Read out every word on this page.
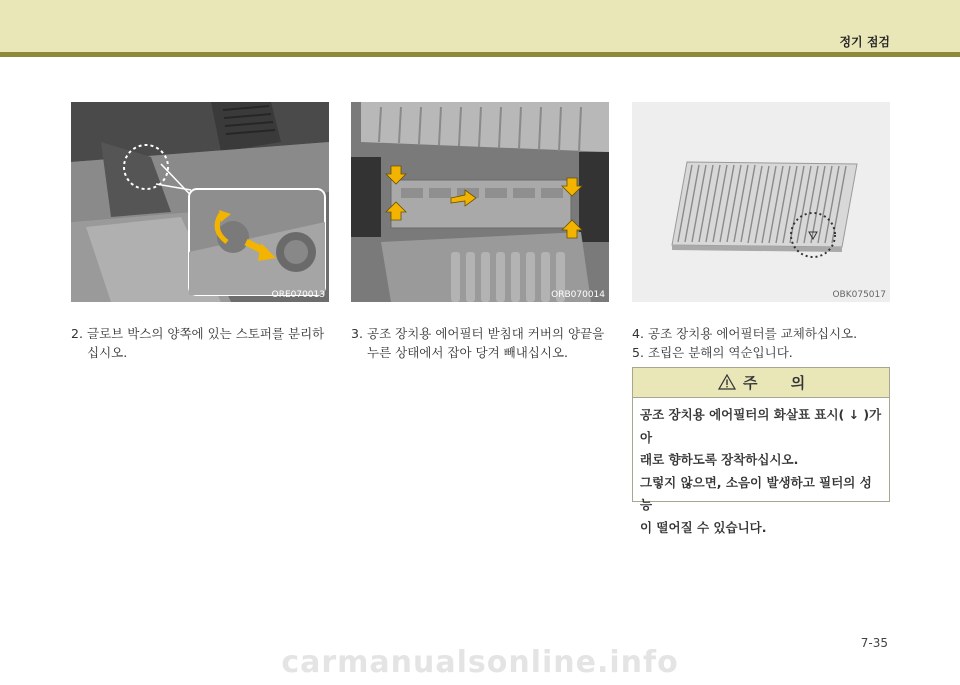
정기 점검
ORE070013	ORB070014	OBK075017
2. 글로브 박스의 양쪽에 있는 스토퍼를 분리하
십시오.
3. 공조 장치용 에어필터 받침대 커버의 양끝을
누른 상태에서 잡아 당겨 빼내십시오.
4. 공조 장치용 에어필터를 교체하십시오.
5. 조립은 분해의 역순입니다.
주 의
공조 장치용 에어필터의 화살표 표시( ↓ )가 아
래로 향하도록 장착하십시오.
그렇지 않으면, 소음이 발생하고 필터의 성능
이 떨어질 수 있습니다.
7-35
carmanualsonline.info
